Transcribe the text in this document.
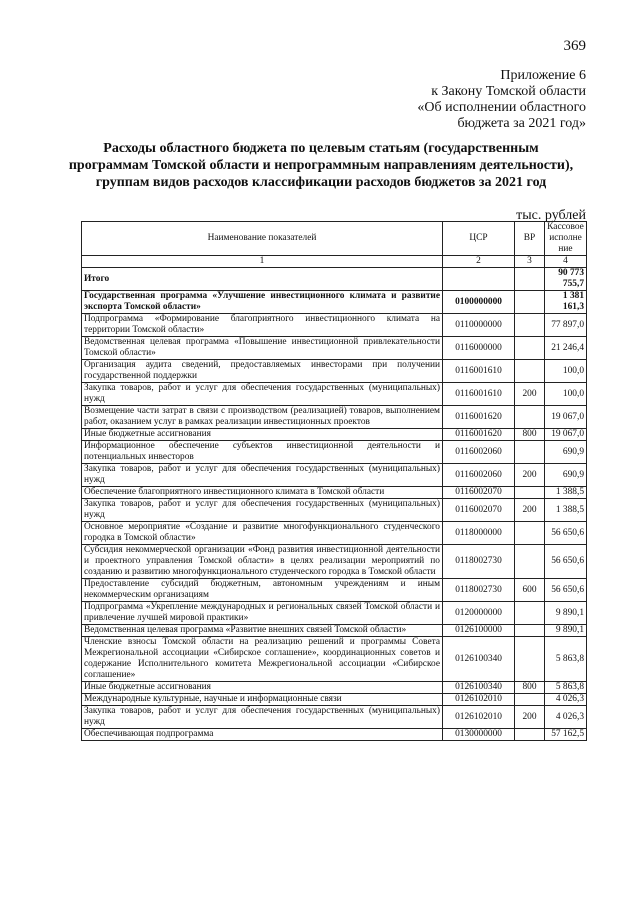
369
Приложение 6
к Закону Томской области
«Об исполнении областного
бюджета за 2021 год»
Расходы областного бюджета по целевым статьям (государственным
программам Томской области и непрограммным направлениям деятельности),
группам видов расходов классификации расходов бюджетов за 2021 год
тыс. рублей
Наименование показателей	ЦСР	ВР	Кассовое исполнение
1	2	3	4
Итого			90 773 755,7
Государственная программа «Улучшение инвестиционного климата и развитие экспорта Томской области»	0100000000		1 381 161,3
Подпрограмма «Формирование благоприятного инвестиционного климата на территории Томской области»	0110000000		77 897,0
Ведомственная целевая программа «Повышение инвестиционной привлекательности Томской области»	0116000000		21 246,4
Организация аудита сведений, предоставляемых инвесторами при получении государственной поддержки	0116001610		100,0
Закупка товаров, работ и услуг для обеспечения государственных (муниципальных) нужд	0116001610	200	100,0
Возмещение части затрат в связи с производством (реализацией) товаров, выполнением работ, оказанием услуг в рамках реализации инвестиционных проектов	0116001620		19 067,0
Иные бюджетные ассигнования	0116001620	800	19 067,0
Информационное обеспечение субъектов инвестиционной деятельности и потенциальных инвесторов	0116002060		690,9
Закупка товаров, работ и услуг для обеспечения государственных (муниципальных) нужд	0116002060	200	690,9
Обеспечение благоприятного инвестиционного климата в Томской области	0116002070		1 388,5
Закупка товаров, работ и услуг для обеспечения государственных (муниципальных) нужд	0116002070	200	1 388,5
Основное мероприятие «Создание и развитие многофункционального студенческого городка в Томской области»	0118000000		56 650,6
Субсидия некоммерческой организации «Фонд развития инвестиционной деятельности и проектного управления Томской области» в целях реализации мероприятий по созданию и развитию многофункционального студенческого городка в Томской области	0118002730		56 650,6
Предоставление субсидий бюджетным, автономным учреждениям и иным некоммерческим организациям	0118002730	600	56 650,6
Подпрограмма «Укрепление международных и региональных связей Томской области и привлечение лучшей мировой практики»	0120000000		9 890,1
Ведомственная целевая программа «Развитие внешних связей Томской области»	0126100000		9 890,1
Членские взносы Томской области на реализацию решений и программы Совета Межрегиональной ассоциации «Сибирское соглашение», координационных советов и содержание Исполнительного комитета Межрегиональной ассоциации «Сибирское соглашение»	0126100340		5 863,8
Иные бюджетные ассигнования	0126100340	800	5 863,8
Международные культурные, научные и информационные связи	0126102010		4 026,3
Закупка товаров, работ и услуг для обеспечения государственных (муниципальных) нужд	0126102010	200	4 026,3
Обеспечивающая подпрограмма	0130000000		57 162,5
